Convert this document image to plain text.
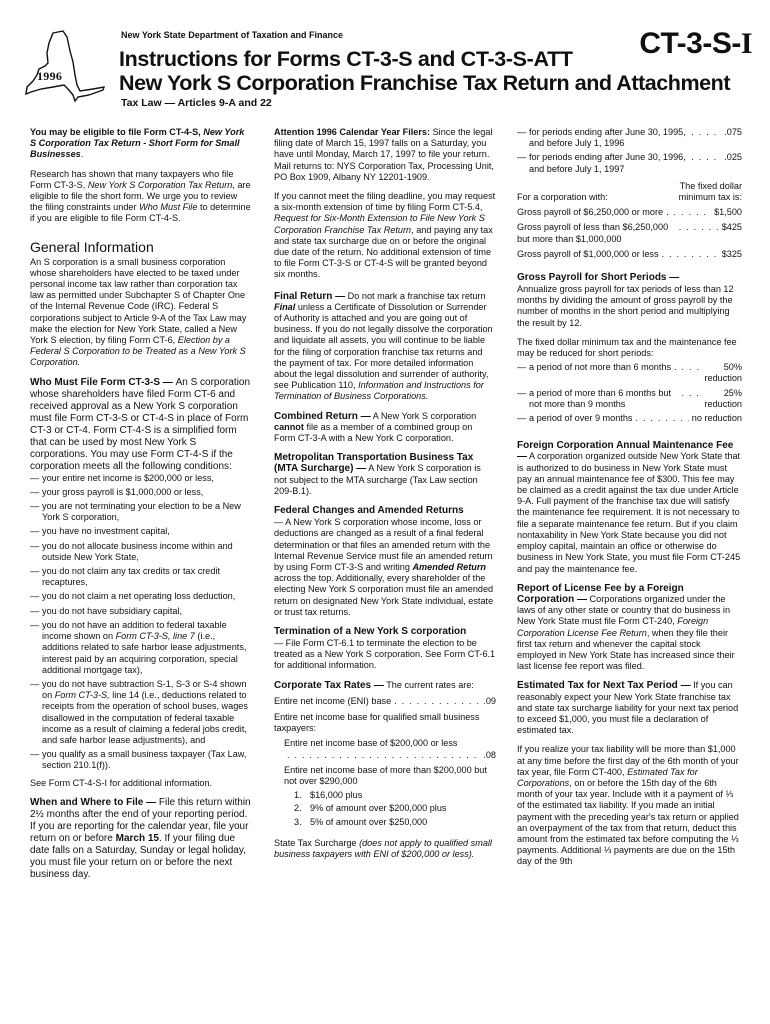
1996
New York State Department of Taxation and Finance
Instructions for Forms CT-3-S and CT-3-S-ATT
New York S Corporation Franchise Tax Return and Attachment
Tax Law — Articles 9-A and 22
CT-3-S-I

You may be eligible to file Form CT-4-S, New York S Corporation Tax Return - Short Form for Small Businesses.

Research has shown that many taxpayers who file Form CT-3-S, New York S Corporation Tax Return, are eligible to file the short form. We urge you to review the filing constraints under Who Must File to determine if you are eligible to file Form CT-4-S.

General Information

An S corporation is a small business corporation whose shareholders have elected to be taxed under personal income tax law rather than corporation tax law as permitted under Subchapter S of Chapter One of the Internal Revenue Code (IRC). Federal S corporations subject to Article 9-A of the Tax Law may make the election for New York State, called a New York S election, by filing Form CT-6, Election by a Federal S Corporation to be Treated as a New York S Corporation.

Who Must File Form CT-3-S — An S corporation whose shareholders have filed Form CT-6 and received approval as a New York S corporation must file Form CT-3-S or CT-4-S in place of Form CT-3 or CT-4. Form CT-4-S is a simplified form that can be used by most New York S corporations. You may use Form CT-4-S if the corporation meets all the following conditions:
— your entire net income is $200,000 or less,
— your gross payroll is $1,000,000 or less,
— you are not terminating your election to be a New York S corporation,
— you have no investment capital,
— you do not allocate business income within and outside New York State,
— you do not claim any tax credits or tax credit recaptures,
— you do not claim a net operating loss deduction,
— you do not have subsidiary capital,
— you do not have an addition to federal taxable income shown on Form CT-3-S, line 7 (i.e., additions related to safe harbor lease adjustments, interest paid by an acquiring corporation, special additional mortgage tax),
— you do not have subtraction S-1, S-3 or S-4 shown on Form CT-3-S, line 14 (i.e., deductions related to receipts from the operation of school buses, wages disallowed in the computation of federal taxable income as a result of claiming a federal jobs credit, and safe harbor lease adjustments), and
— you qualify as a small business taxpayer (Tax Law, section 210.1(f)).

See Form CT-4-S-I for additional information.

When and Where to File — File this return within 2½ months after the end of your reporting period. If you are reporting for the calendar year, file your return on or before March 15. If your filing due date falls on a Saturday, Sunday or legal holiday, you must file your return on or before the next business day.

Attention 1996 Calendar Year Filers: Since the legal filing date of March 15, 1997 falls on a Saturday, you have until Monday, March 17, 1997 to file your return. Mail returns to: NYS Corporation Tax, Processing Unit, PO Box 1909, Albany NY 12201-1909.

If you cannot meet the filing deadline, you may request a six-month extension of time by filing Form CT-5.4, Request for Six-Month Extension to File New York S Corporation Franchise Tax Return, and paying any tax and state tax surcharge due on or before the original due date of the return. No additional extension of time to file Form CT-3-S or CT-4-S will be granted beyond six months.

Final Return — Do not mark a franchise tax return Final unless a Certificate of Dissolution or Surrender of Authority is attached and you are going out of business. If you do not legally dissolve the corporation and liquidate all assets, you will continue to be liable for the filing of corporation franchise tax returns and the payment of tax. For more detailed information about the legal dissolution and surrender of authority, see Publication 110, Information and Instructions for Termination of Business Corporations.

Combined Return — A New York S corporation cannot file as a member of a combined group on Form CT-3-A with a New York C corporation.

Metropolitan Transportation Business Tax (MTA Surcharge) — A New York S corporation is not subject to the MTA surcharge (Tax Law section 209-B.1).

Federal Changes and Amended Returns

— A New York S corporation whose income, loss or deductions are changed as a result of a final federal determination or that files an amended return with the Internal Revenue Service must file an amended return by using Form CT-3-S and writing Amended Return across the top. Additionally, every shareholder of the electing New York S corporation must file an amended return on designated New York State individual, estate or trust tax returns.

Termination of a New York S corporation

— File Form CT-6.1 to terminate the election to be treated as a New York S corporation. See Form CT-6.1 for additional information.

Corporate Tax Rates — The current rates are:

Entire net income (ENI) base . . .	.09

Entire net income base for qualified small business taxpayers:

Entire net income base of $200,000 or less
. . .
.08
Entire net income base of more than $200,000 but not over $290,000
1. $16,000 plus
2. 9% of amount over $200,000 plus
3. 5% of amount over $250,000

State Tax Surcharge (does not apply to qualified small business taxpayers with ENI of $200,000 or less).

— for periods ending after June 30, 1995, and before July 1, 1996
. . .
.075
— for periods ending after June 30, 1996, and before July 1, 1997
. . .
.025
For a corporation with:
The fixed dollar minimum tax is:
Gross payroll of $6,250,000 or more . . .	$1,500
Gross payroll of less than $6,250,000 but more than $1,000,000
. . .
$425
Gross payroll of $1,000,000 or less . . .	$325
Gross Payroll for Short Periods —

Annualize gross payroll for tax periods of less than 12 months by dividing the amount of gross payroll by the number of months in the short period and multiplying the result by 12.

The fixed dollar minimum tax and the maintenance fee may be reduced for short periods:

— a period of not more than 6 months . . .	50% reduction
— a period of more than 6 months but not more than 9 months
. . .
25% reduction
— a period of over 9 months . . .	no reduction

Foreign Corporation Annual Maintenance Fee — A corporation organized outside New York State that is authorized to do business in New York State must pay an annual maintenance fee of $300. This fee may be claimed as a credit against the tax due under Article 9-A. Full payment of the franchise tax due will satisfy the maintenance fee requirement. It is not necessary to file a separate maintenance fee return. But if you claim nontaxability in New York State because you did not employ capital, maintain an office or otherwise do business in New York State, you must file Form CT-245 and pay the maintenance fee.

Report of License Fee by a Foreign Corporation — Corporations organized under the laws of any other state or country that do business in New York State must file Form CT-240, Foreign Corporation License Fee Return, when they file their first tax return and whenever the capital stock employed in New York State has increased since their last license fee report was filed.

Estimated Tax for Next Tax Period — If you can reasonably expect your New York State franchise tax and state tax surcharge liability for your next tax period to exceed $1,000, you must file a declaration of estimated tax.

If you realize your tax liability will be more than $1,000 at any time before the first day of the 6th month of your tax year, file Form CT-400, Estimated Tax for Corporations, on or before the 15th day of the 6th month of your tax year. Include with it a payment of ⅓ of the estimated tax liability. If you made an initial payment with the preceding year's tax return or applied an overpayment of the tax from that return, deduct this amount from the estimated tax before computing the ⅓ payments. Additional ⅓ payments are due on the 15th day of the 9th
